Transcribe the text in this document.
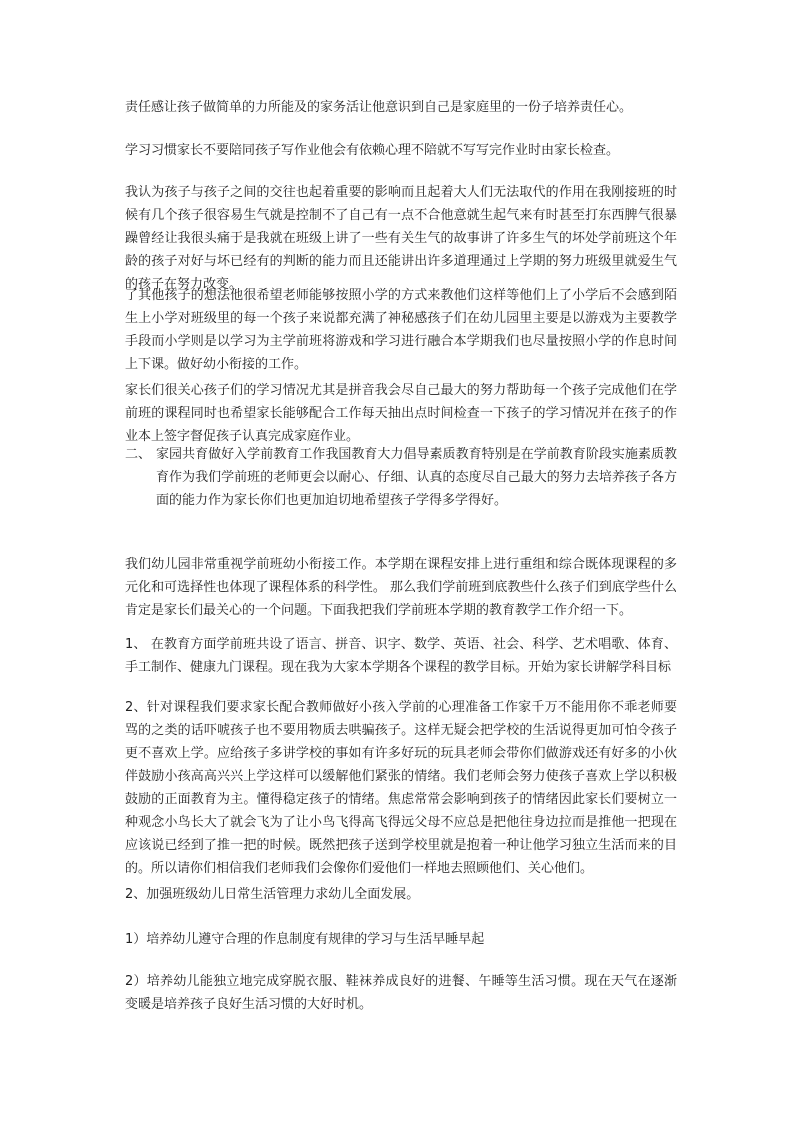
责任感让孩子做简单的力所能及的家务活让他意识到自己是家庭里的一份子培养责任心。

学习习惯家长不要陪同孩子写作业他会有依赖心理不陪就不写写完作业时由家长检查。

我认为孩子与孩子之间的交往也起着重要的影响而且起着大人们无法取代的作用在我刚接班的时候有几个孩子很容易生气就是控制不了自己有一点不合他意就生起气来有时甚至打东西脾气很暴躁曾经让我很头痛于是我就在班级上讲了一些有关生气的故事讲了许多生气的坏处学前班这个年龄的孩子对好与坏已经有的判断的能力而且还能讲出许多道理通过上学期的努力班级里就爱生气的孩子在努力改变。

了其他孩子的想法他很希望老师能够按照小学的方式来教他们这样等他们上了小学后不会感到陌生上小学对班级里的每一个孩子来说都充满了神秘感孩子们在幼儿园里主要是以游戏为主要教学手段而小学则是以学习为主学前班将游戏和学习进行融合本学期我们也尽量按照小学的作息时间上下课。做好幼小衔接的工作。

家长们很关心孩子们的学习情况尤其是拼音我会尽自己最大的努力帮助每一个孩子完成他们在学前班的课程同时也希望家长能够配合工作每天抽出点时间检查一下孩子的学习情况并在孩子的作业本上签字督促孩子认真完成家庭作业。

二、 家园共育做好入学前教育工作我国教育大力倡导素质教育特别是在学前教育阶段实施素质教育作为我们学前班的老师更会以耐心、仔细、认真的态度尽自己最大的努力去培养孩子各方面的能力作为家长你们也更加迫切地希望孩子学得多学得好。

我们幼儿园非常重视学前班幼小衔接工作。本学期在课程安排上进行重组和综合既体现课程的多元化和可选择性也体现了课程体系的科学性。 那么我们学前班到底教些什么孩子们到底学些什么肯定是家长们最关心的一个问题。下面我把我们学前班本学期的教育教学工作介绍一下。

1、 在教育方面学前班共设了语言、拼音、识字、数学、英语、社会、科学、艺术唱歌、体育、手工制作、健康九门课程。现在我为大家本学期各个课程的教学目标。开始为家长讲解学科目标

2、针对课程我们要求家长配合教师做好小孩入学前的心理准备工作家千万不能用你不乖老师要骂的之类的话吓唬孩子也不要用物质去哄骗孩子。这样无疑会把学校的生活说得更加可怕令孩子更不喜欢上学。应给孩子多讲学校的事如有许多好玩的玩具老师会带你们做游戏还有好多的小伙伴鼓励小孩高高兴兴上学这样可以缓解他们紧张的情绪。我们老师会努力使孩子喜欢上学以积极鼓励的正面教育为主。懂得稳定孩子的情绪。焦虑常常会影响到孩子的情绪因此家长们要树立一种观念小鸟长大了就会飞为了让小鸟飞得高飞得远父母不应总是把他往身边拉而是推他一把现在应该说已经到了推一把的时候。既然把孩子送到学校里就是抱着一种让他学习独立生活而来的目的。所以请你们相信我们老师我们会像你们爱他们一样地去照顾他们、关心他们。

2、加强班级幼儿日常生活管理力求幼儿全面发展。

1）培养幼儿遵守合理的作息制度有规律的学习与生活早睡早起

2）培养幼儿能独立地完成穿脱衣服、鞋袜养成良好的进餐、午睡等生活习惯。现在天气在逐渐变暖是培养孩子良好生活习惯的大好时机。
